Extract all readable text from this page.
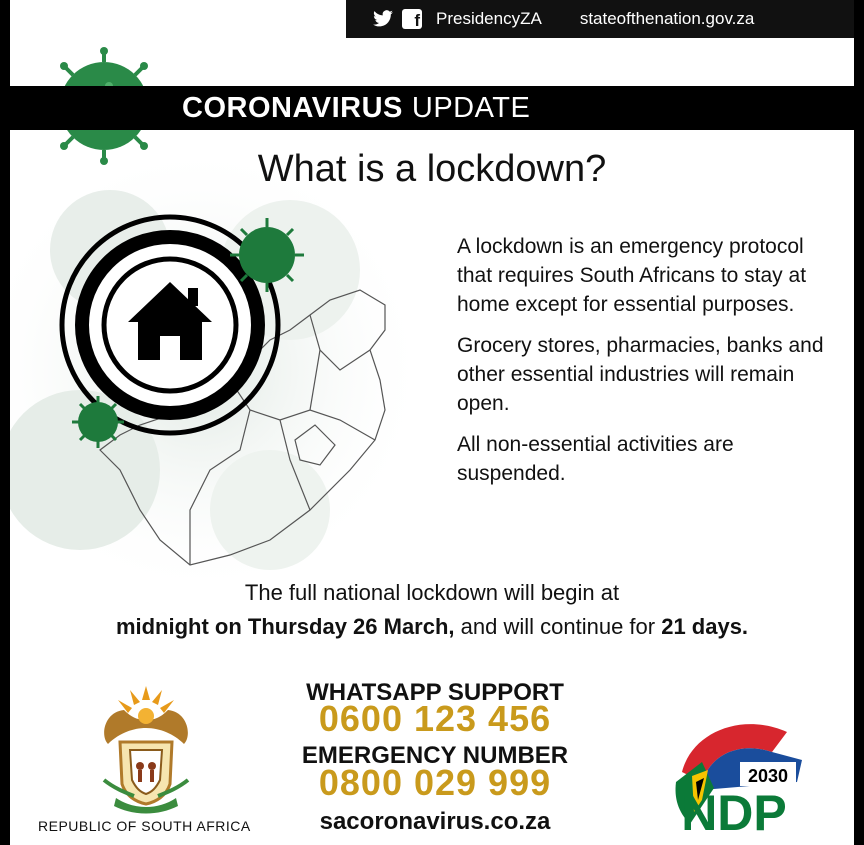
f PresidencyZA stateofthenation.gov.za
CORONAVIRUS UPDATE
What is a lockdown?

A lockdown is an emergency protocol that requires South Africans to stay at home except for essential purposes.

Grocery stores, pharmacies, banks and other essential industries will remain open.

All non-essential activities are suspended.

The full national lockdown will begin at
midnight on Thursday 26 March, and will continue for 21 days.
REPUBLIC OF SOUTH AFRICA
WHATSAPP SUPPORT
0600 123 456
EMERGENCY NUMBER
0800 029 999
sacoronavirus.co.za
2030
NDP
